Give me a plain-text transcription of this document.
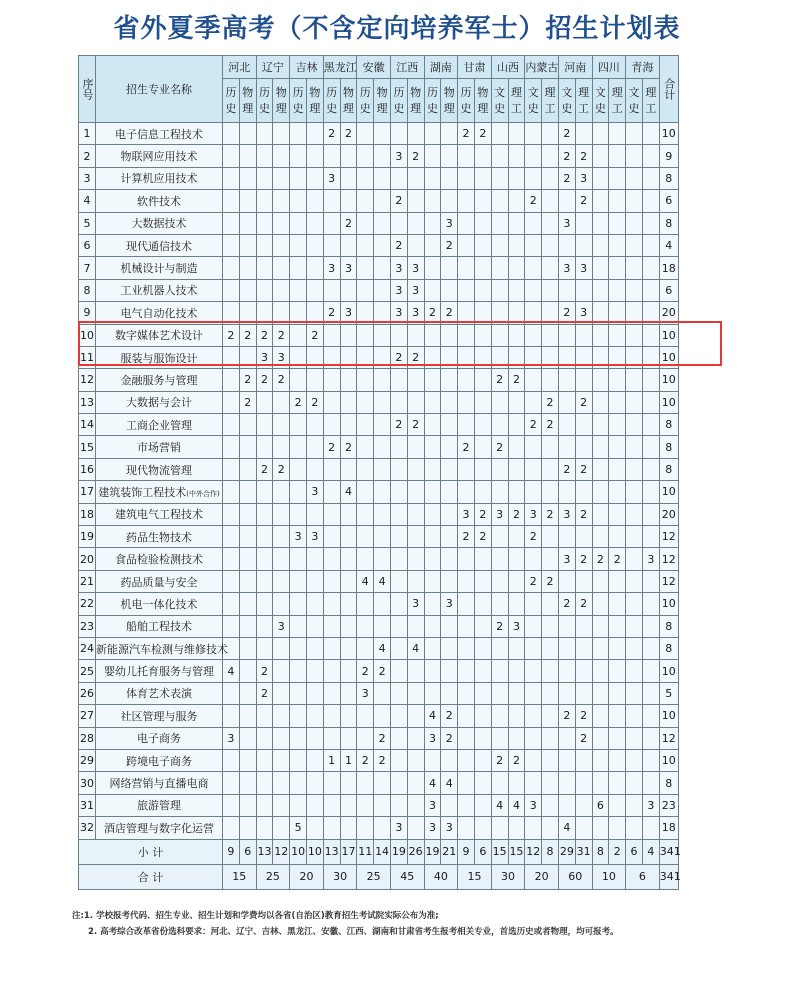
省外夏季高考（不含定向培养军士）招生计划表
序号	招生专业名称	河北		辽宁		吉林		黑龙江		安徽		江西		湖南		甘肃		山西		内蒙古		河南		四川		青海		合计	

		历史	物理	历史	物理	历史	物理	历史	物理	历史	物理	历史	物理	历史	物理	历史	物理	文史	理工	文史	理工	文史	理工	文史	理工	文史	理工		
1	电子信息工程技术							2	2							2	2					2						10	
2	物联网应用技术											3	2									2	2					9	
3	计算机应用技术							3														2	3					8	
4	软件技术											2								2			2					6	
5	大数据技术								2						3							3						8	
6	现代通信技术											2			2													4	
7	机械设计与制造							3	3			3	3									3	3					18	
8	工业机器人技术											3	3															6	
9	电气自动化技术							2	3			3	3	2	2							2	3					20	
10	数字媒体艺术设计	2	2	2	2		2																					10	
11	服装与服饰设计			3	3							2	2															10	
12	金融服务与管理		2	2	2													2	2									10	
13	大数据与会计		2			2	2														2		2					10	
14	工商企业管理											2	2							2	2							8	
15	市场营销							2	2							2		2										8	
16	现代物流管理			2	2																	2	2					8	
17	建筑装饰工程技术(中外合作)						3		4																			10	
18	建筑电气工程技术															3	2	3	2	3	2	3	2					20	
19	药品生物技术					3	3									2	2			2								12	
20	食品检验检测技术																					3	2	2	2		3	12	
21	药品质量与安全									4	4									2	2							12	
22	机电一体化技术												3		3							2	2					10	
23	船舶工程技术				3													2	3									8	
24	新能源汽车检测与维修技术										4		4															8	
25	婴幼儿托育服务与管理	4		2						2	2																	10	
26	体育艺术表演			2						3																		5	
27	社区管理与服务													4	2							2	2					10	
28	电子商务	3									2			3	2								2					12	
29	跨境电子商务							1	1	2	2							2	2									10	
30	网络营销与直播电商													4	4													8	
31	旅游管理													3				4	4	3				6			3	23	
32	酒店管理与数字化运营					5						3		3	3							4						18	
小 计		9	6	13	12	10	10	13	17	11	14	19	26	19	21	9	6	15	15	12	8	29	31	8	2	6	4	341	
合 计		15		25		20		30		25		45		40		15		30		20		60		10		6		341	
注:1. 学校报考代码、招生专业、招生计划和学费均以各省(自治区)教育招生考试院实际公布为准;
2. 高考综合改革省份选科要求：河北、辽宁、吉林、黑龙江、安徽、江西、湖南和甘肃省考生报考相关专业，首选历史或者物理，均可报考。
